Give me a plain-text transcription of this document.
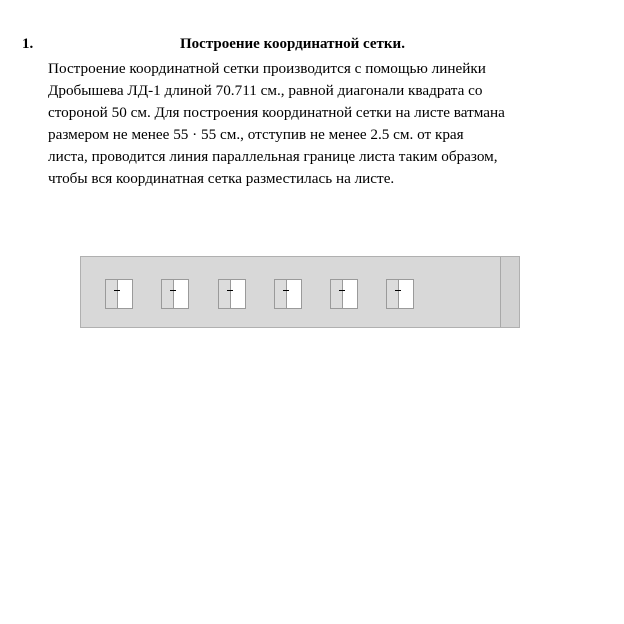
1.	Построение координатной сетки.
Построение координатной сетки производится с помощью линейки
Дробышева ЛД-1 длиной 70.711 см., равной диагонали квадрата со
стороной 50 см. Для построения координатной сетки на листе ватмана
размером не менее 55 · 55 см., отступив не менее 2.5 см. от края
листа, проводится линия параллельная границе листа таким образом,
чтобы вся координатная сетка разместилась на листе.
